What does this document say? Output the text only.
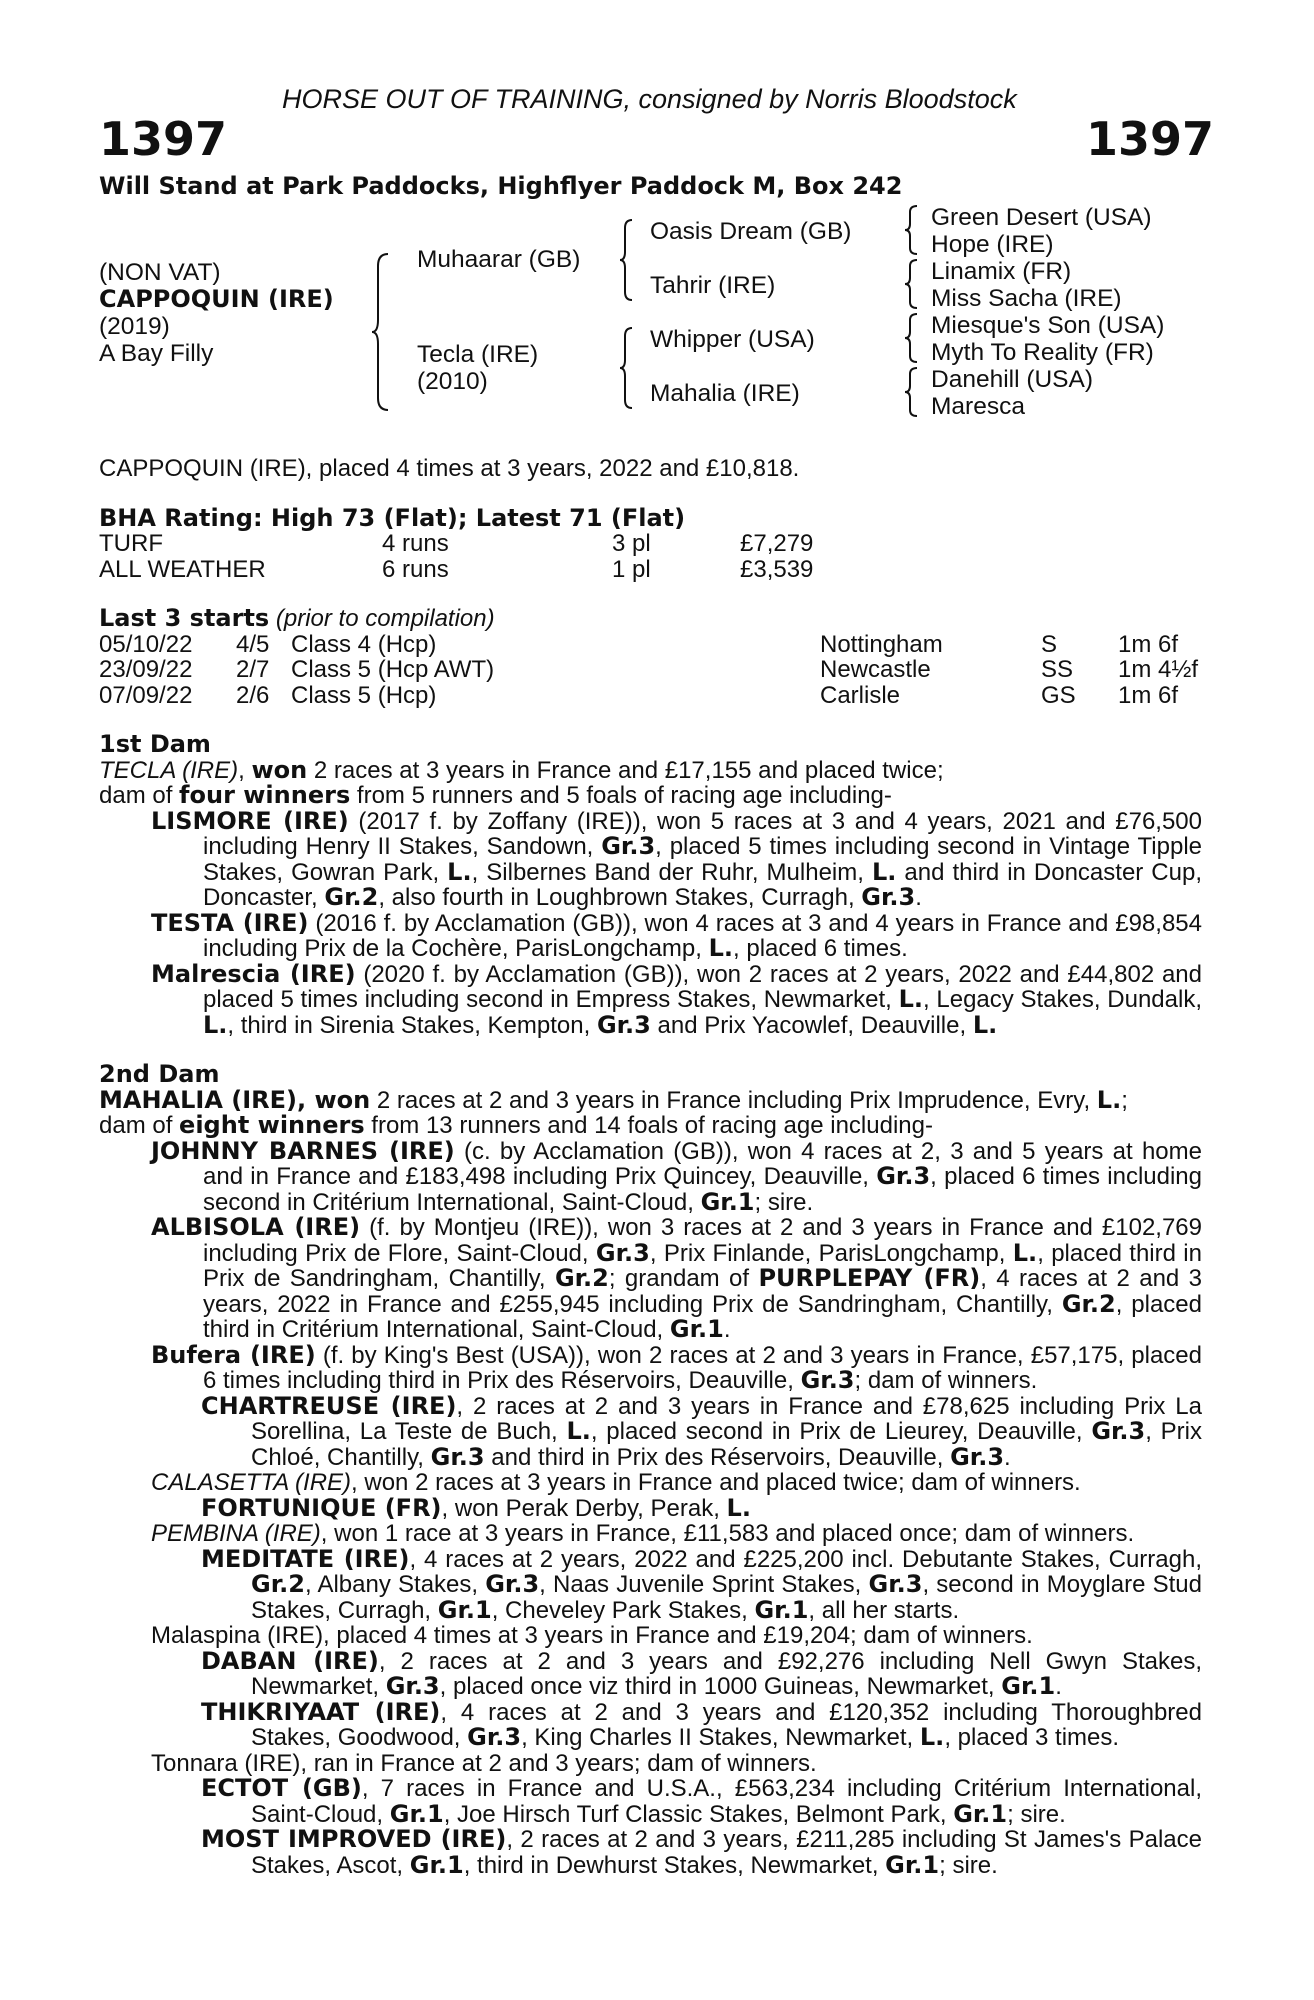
HORSE OUT OF TRAINING, consigned by Norris Bloodstock
1397	1397
Will Stand at Park Paddocks, Highflyer Paddock M, Box 242
(NON VAT)
CAPPOQUIN (IRE)
(2019)
A Bay Filly
Muhaarar (GB)
Tecla (IRE)
(2010)
Oasis Dream (GB)
Tahrir (IRE)
Whipper (USA)
Mahalia (IRE)
Green Desert (USA)
Hope (IRE)
Linamix (FR)
Miss Sacha (IRE)
Miesque's Son (USA)
Myth To Reality (FR)
Danehill (USA)
Maresca
CAPPOQUIN (IRE), placed 4 times at 3 years, 2022 and £10,818.
BHA Rating: High 73 (Flat); Latest 71 (Flat)
TURF	4 runs	3 pl	£7,279
ALL WEATHER	6 runs	1 pl	£3,539
Last 3 starts (prior to compilation)
05/10/22	4/5	Class 4 (Hcp)	Nottingham	S	1m 6f
23/09/22	2/7	Class 5 (Hcp AWT)	Newcastle	SS	1m 4½f
07/09/22	2/6	Class 5 (Hcp)	Carlisle	GS	1m 6f
1st Dam
TECLA (IRE), won 2 races at 3 years in France and £17,155 and placed twice;
dam of four winners from 5 runners and 5 foals of racing age including-
LISMORE (IRE) (2017 f. by Zoffany (IRE)), won 5 races at 3 and 4 years, 2021 and £76,500 including Henry II Stakes, Sandown, Gr.3, placed 5 times including second in Vintage Tipple Stakes, Gowran Park, L., Silbernes Band der Ruhr, Mulheim, L. and third in Doncaster Cup, Doncaster, Gr.2, also fourth in Loughbrown Stakes, Curragh, Gr.3.
TESTA (IRE) (2016 f. by Acclamation (GB)), won 4 races at 3 and 4 years in France and £98,854 including Prix de la Cochère, ParisLongchamp, L., placed 6 times.
Malrescia (IRE) (2020 f. by Acclamation (GB)), won 2 races at 2 years, 2022 and £44,802 and placed 5 times including second in Empress Stakes, Newmarket, L., Legacy Stakes, Dundalk, L., third in Sirenia Stakes, Kempton, Gr.3 and Prix Yacowlef, Deauville, L.
2nd Dam
MAHALIA (IRE), won 2 races at 2 and 3 years in France including Prix Imprudence, Evry, L.;
dam of eight winners from 13 runners and 14 foals of racing age including-
JOHNNY BARNES (IRE) (c. by Acclamation (GB)), won 4 races at 2, 3 and 5 years at home and in France and £183,498 including Prix Quincey, Deauville, Gr.3, placed 6 times including second in Critérium International, Saint-Cloud, Gr.1; sire.
ALBISOLA (IRE) (f. by Montjeu (IRE)), won 3 races at 2 and 3 years in France and £102,769 including Prix de Flore, Saint-Cloud, Gr.3, Prix Finlande, ParisLongchamp, L., placed third in Prix de Sandringham, Chantilly, Gr.2; grandam of PURPLEPAY (FR), 4 races at 2 and 3 years, 2022 in France and £255,945 including Prix de Sandringham, Chantilly, Gr.2, placed third in Critérium International, Saint-Cloud, Gr.1.
Bufera (IRE) (f. by King's Best (USA)), won 2 races at 2 and 3 years in France, £57,175, placed 6 times including third in Prix des Réservoirs, Deauville, Gr.3; dam of winners.
CHARTREUSE (IRE), 2 races at 2 and 3 years in France and £78,625 including Prix La Sorellina, La Teste de Buch, L., placed second in Prix de Lieurey, Deauville, Gr.3, Prix Chloé, Chantilly, Gr.3 and third in Prix des Réservoirs, Deauville, Gr.3.
CALASETTA (IRE), won 2 races at 3 years in France and placed twice; dam of winners.
FORTUNIQUE (FR), won Perak Derby, Perak, L.
PEMBINA (IRE), won 1 race at 3 years in France, £11,583 and placed once; dam of winners.
MEDITATE (IRE), 4 races at 2 years, 2022 and £225,200 incl. Debutante Stakes, Curragh, Gr.2, Albany Stakes, Gr.3, Naas Juvenile Sprint Stakes, Gr.3, second in Moyglare Stud Stakes, Curragh, Gr.1, Cheveley Park Stakes, Gr.1, all her starts.
Malaspina (IRE), placed 4 times at 3 years in France and £19,204; dam of winners.
DABAN (IRE), 2 races at 2 and 3 years and £92,276 including Nell Gwyn Stakes, Newmarket, Gr.3, placed once viz third in 1000 Guineas, Newmarket, Gr.1.
THIKRIYAAT (IRE), 4 races at 2 and 3 years and £120,352 including Thoroughbred Stakes, Goodwood, Gr.3, King Charles II Stakes, Newmarket, L., placed 3 times.
Tonnara (IRE), ran in France at 2 and 3 years; dam of winners.
ECTOT (GB), 7 races in France and U.S.A., £563,234 including Critérium International, Saint-Cloud, Gr.1, Joe Hirsch Turf Classic Stakes, Belmont Park, Gr.1; sire.
MOST IMPROVED (IRE), 2 races at 2 and 3 years, £211,285 including St James's Palace Stakes, Ascot, Gr.1, third in Dewhurst Stakes, Newmarket, Gr.1; sire.
